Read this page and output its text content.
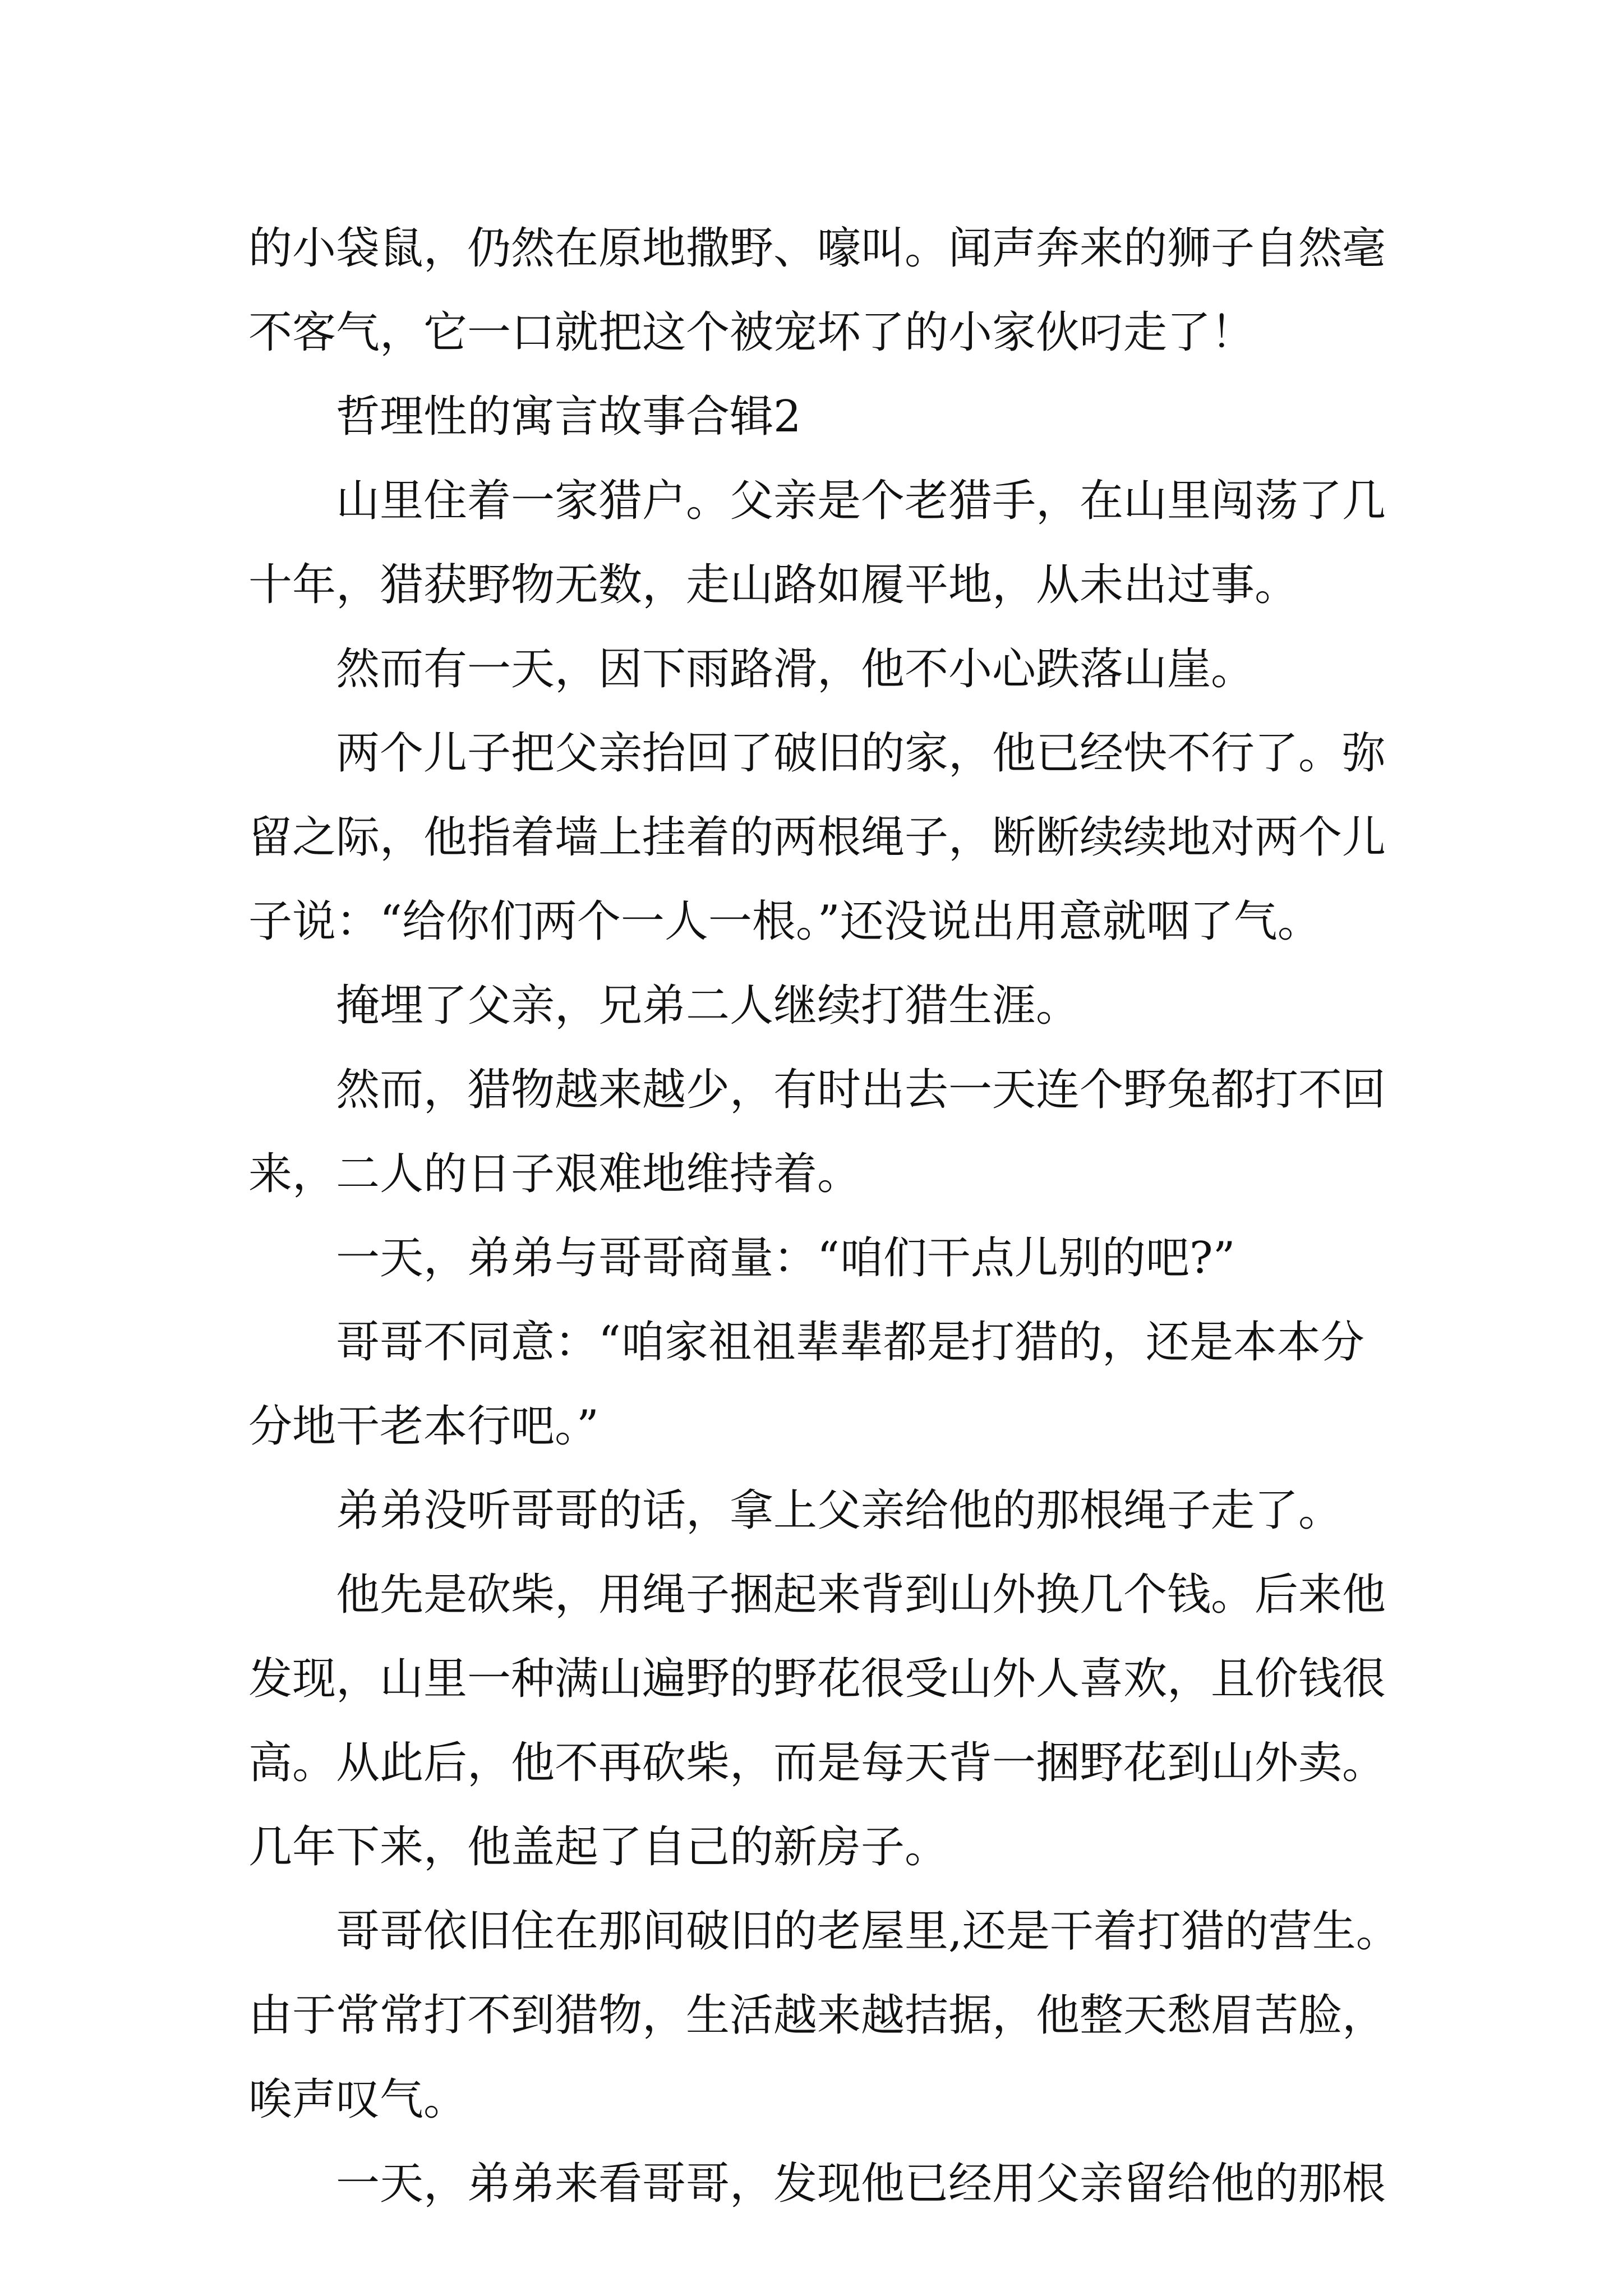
的小袋鼠，仍然在原地撒野、嚎叫。闻声奔来的狮子自然毫
不客气，它一口就把这个被宠坏了的小家伙叼走了！
哲理性的寓言故事合辑2
山里住着一家猎户。父亲是个老猎手，在山里闯荡了几
十年，猎获野物无数，走山路如履平地，从未出过事。
然而有一天，因下雨路滑，他不小心跌落山崖。
两个儿子把父亲抬回了破旧的家，他已经快不行了。弥
留之际，他指着墙上挂着的两根绳子，断断续续地对两个儿
子说：“给你们两个一人一根。”还没说出用意就咽了气。
掩埋了父亲，兄弟二人继续打猎生涯。
然而，猎物越来越少，有时出去一天连个野兔都打不回
来，二人的日子艰难地维持着。
一天，弟弟与哥哥商量：“咱们干点儿别的吧?”
哥哥不同意：“咱家祖祖辈辈都是打猎的，还是本本分
分地干老本行吧。”
弟弟没听哥哥的话，拿上父亲给他的那根绳子走了。
他先是砍柴，用绳子捆起来背到山外换几个钱。后来他
发现，山里一种满山遍野的野花很受山外人喜欢，且价钱很
高。从此后，他不再砍柴，而是每天背一捆野花到山外卖。
几年下来，他盖起了自己的新房子。
哥哥依旧住在那间破旧的老屋里,还是干着打猎的营生。
由于常常打不到猎物，生活越来越拮据，他整天愁眉苦脸，
唉声叹气。
一天，弟弟来看哥哥，发现他已经用父亲留给他的那根
